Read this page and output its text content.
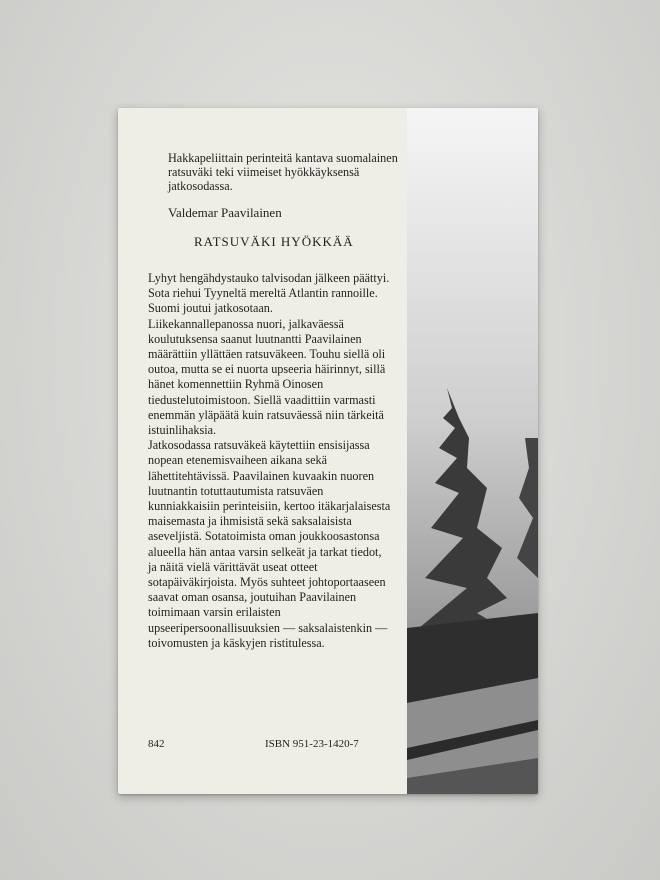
Hakkapeliittain perinteitä kantava suomalainen ratsuväki teki viimeiset hyökkäyksensä jatkosodassa.

Valdemar Paavilainen

RATSUVÄKI HYÖKKÄÄ

Lyhyt hengähdystauko talvisodan jälkeen päättyi. Sota riehui Tyyneltä mereltä Atlantin rannoille. Suomi joutui jatkosotaan.

Liikekannallepanossa nuori, jalkaväessä koulutuksensa saanut luutnantti Paavilainen määrättiin yllättäen ratsuväkeen. Touhu siellä oli outoa, mutta se ei nuorta upseeria häirinnyt, sillä hänet komennettiin Ryhmä Oinosen tiedustelutoimistoon. Siellä vaadittiin varmasti enemmän yläpäätä kuin ratsuväessä niin tärkeitä istuinlihaksia.

Jatkosodassa ratsuväkeä käytettiin ensisijassa nopean etenemisvaiheen aikana sekä lähettitehtävissä. Paavilainen kuvaakin nuoren luutnantin totuttautumista ratsuväen kunniakkaisiin perinteisiin, kertoo itäkarjalaisesta maisemasta ja ihmisistä sekä saksalaisista aseveljistä. Sotatoimista oman joukkoosastonsa alueella hän antaa varsin selkeät ja tarkat tiedot, ja näitä vielä värittävät useat otteet sotapäiväkirjoista. Myös suhteet johtoportaaseen saavat oman osansa, joutuihan Paavilainen toimimaan varsin erilaisten upseeripersoonallisuuksien — saksalaistenkin — toivomusten ja käskyjen ristitulessa.

842	ISBN 951-23-1420-7
